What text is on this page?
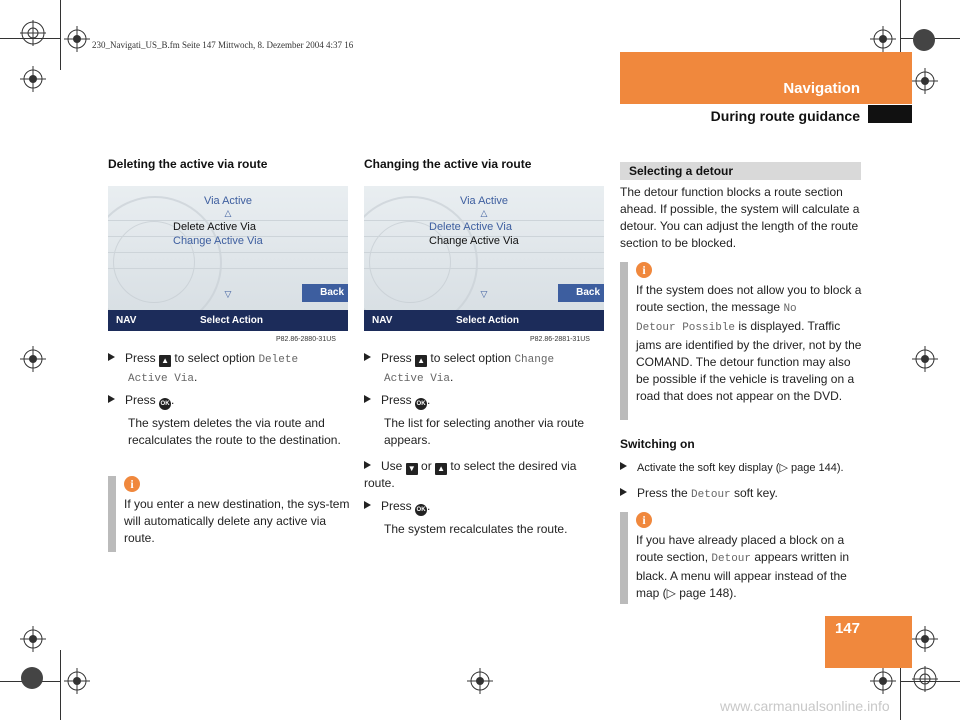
230_Navigati_US_B.fm Seite 147 Mittwoch, 8. Dezember 2004 4:37 16
Navigation
During route guidance
Deleting the active via route
Via Active
△
Delete Active Via
Change Active Via
▽	Back
NAV	Select Action
P82.86-2880-31US
Press ▲ to select option Delete
Active Via.
Press OK .
The system deletes the via route and recalculates the route to the destination.
i
If you enter a new destination, the sys-tem will automatically delete any active via route.
Changing the active via route
Via Active
△
Delete Active Via
Change Active Via
▽	Back
NAV	Select Action
P82.86-2881-31US
Press ▲ to select option Change
Active Via.
Press OK .
The list for selecting another via route appears.
Use ▼ or ▲ to select the desired via route.
Press OK .
The system recalculates the route.
Selecting a detour
The detour function blocks a route section ahead. If possible, the system will calculate a detour. You can adjust the length of the route section to be blocked.
i
If the system does not allow you to block a route section, the message No
Detour Possible is displayed. Traffic jams are identified by the driver, not by the COMAND. The detour function may also be possible if the vehicle is traveling on a road that does not appear on the DVD.
Switching on
Activate the soft key display (▷ page 144).
Press the Detour soft key.
i
If you have already placed a block on a route section, Detour appears written in black. A menu will appear instead of the map (▷ page 148).
147
www.carmanualsonline.info
